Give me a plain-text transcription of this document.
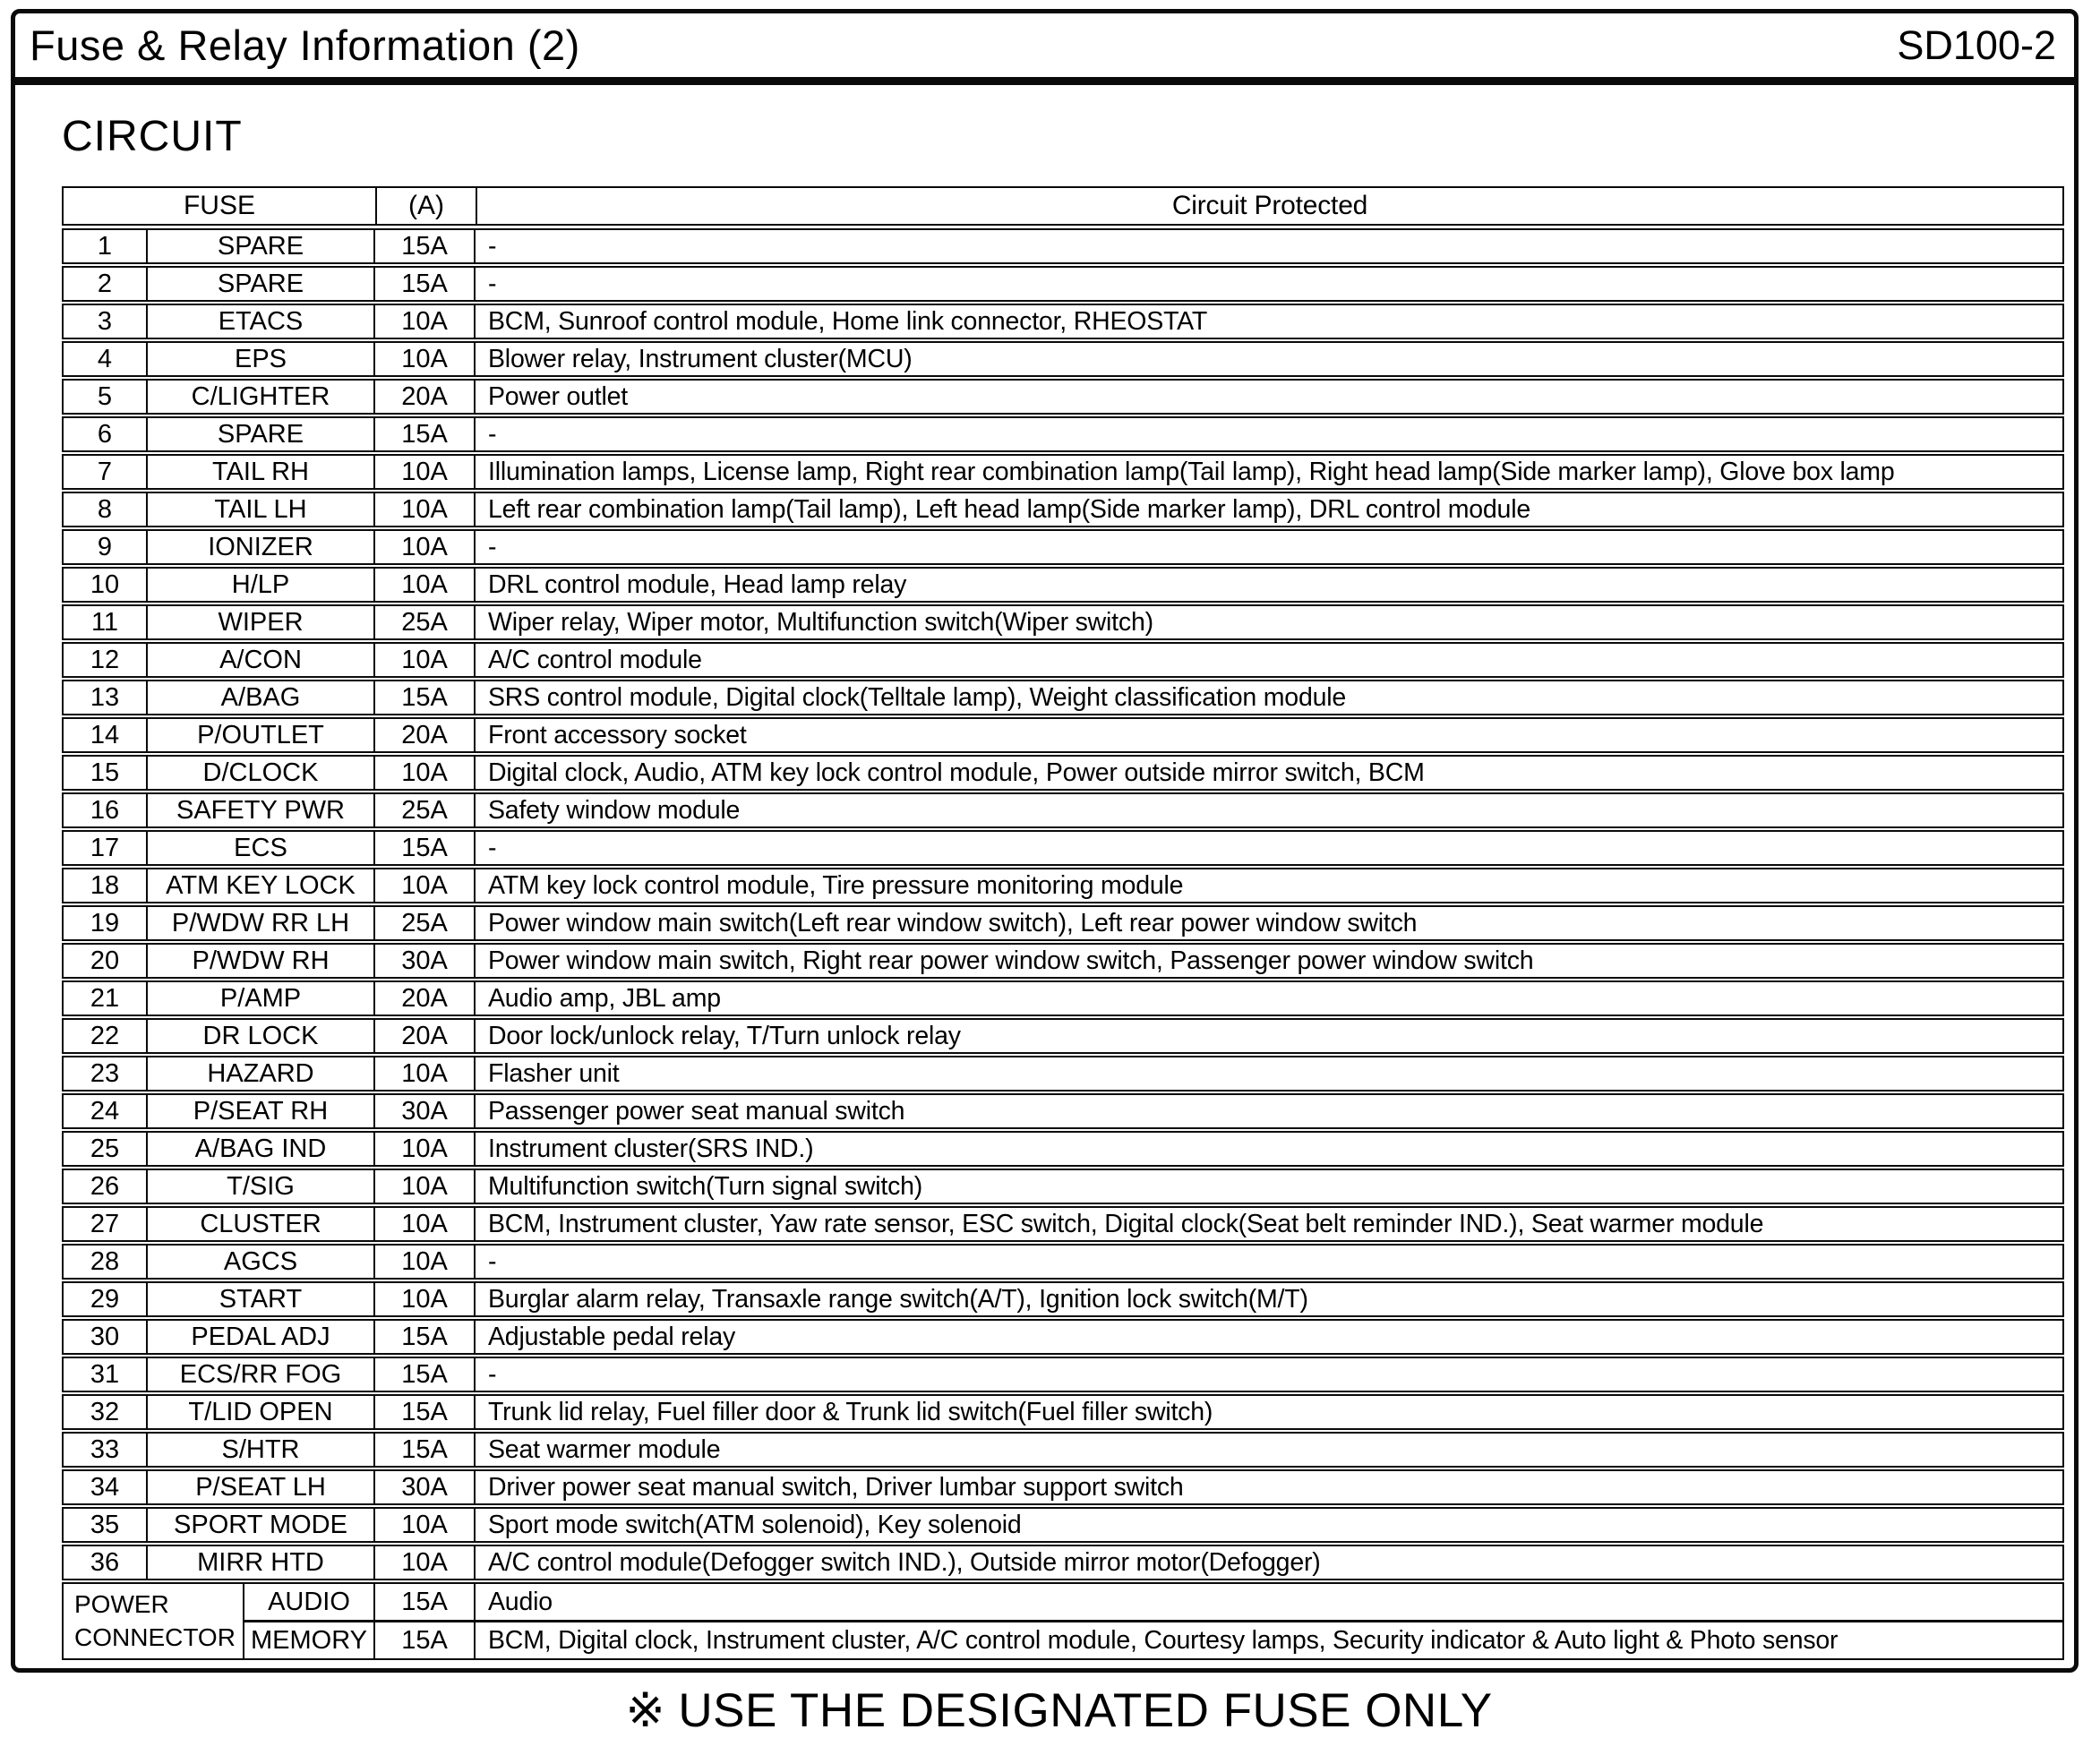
Fuse & Relay Information (2)	SD100-2
CIRCUIT
FUSE	(A)	Circuit Protected
1	SPARE	15A	-
2	SPARE	15A	-
3	ETACS	10A	BCM, Sunroof control module, Home link connector, RHEOSTAT
4	EPS	10A	Blower relay, Instrument cluster(MCU)
5	C/LIGHTER	20A	Power outlet
6	SPARE	15A	-
7	TAIL RH	10A	Illumination lamps, License lamp, Right rear combination lamp(Tail lamp), Right head lamp(Side marker lamp), Glove box lamp
8	TAIL LH	10A	Left rear combination lamp(Tail lamp), Left head lamp(Side marker lamp), DRL control module
9	IONIZER	10A	-
10	H/LP	10A	DRL control module, Head lamp relay
11	WIPER	25A	Wiper relay, Wiper motor, Multifunction switch(Wiper switch)
12	A/CON	10A	A/C control module
13	A/BAG	15A	SRS control module, Digital clock(Telltale lamp), Weight classification module
14	P/OUTLET	20A	Front accessory socket
15	D/CLOCK	10A	Digital clock, Audio, ATM key lock control module, Power outside mirror switch, BCM
16	SAFETY PWR	25A	Safety window module
17	ECS	15A	-
18	ATM KEY LOCK	10A	ATM key lock control module, Tire pressure monitoring module
19	P/WDW RR LH	25A	Power window main switch(Left rear window switch), Left rear power window switch
20	P/WDW RH	30A	Power window main switch, Right rear power window switch, Passenger power window switch
21	P/AMP	20A	Audio amp, JBL amp
22	DR LOCK	20A	Door lock/unlock relay, T/Turn unlock relay
23	HAZARD	10A	Flasher unit
24	P/SEAT RH	30A	Passenger power seat manual switch
25	A/BAG IND	10A	Instrument cluster(SRS IND.)
26	T/SIG	10A	Multifunction switch(Turn signal switch)
27	CLUSTER	10A	BCM, Instrument cluster, Yaw rate sensor, ESC switch, Digital clock(Seat belt reminder IND.), Seat warmer module
28	AGCS	10A	-
29	START	10A	Burglar alarm relay, Transaxle range switch(A/T), Ignition lock switch(M/T)
30	PEDAL ADJ	15A	Adjustable pedal relay
31	ECS/RR FOG	15A	-
32	T/LID OPEN	15A	Trunk lid relay, Fuel filler door & Trunk lid switch(Fuel filler switch)
33	S/HTR	15A	Seat warmer module
34	P/SEAT LH	30A	Driver power seat manual switch, Driver lumbar support switch
35	SPORT MODE	10A	Sport mode switch(ATM solenoid), Key solenoid
36	MIRR HTD	10A	A/C control module(Defogger switch IND.), Outside mirror motor(Defogger)
POWER CONNECTOR
AUDIO	15A	Audio
MEMORY	15A	BCM, Digital clock, Instrument cluster, A/C control module, Courtesy lamps, Security indicator & Auto light & Photo sensor
※ USE THE DESIGNATED FUSE ONLY
